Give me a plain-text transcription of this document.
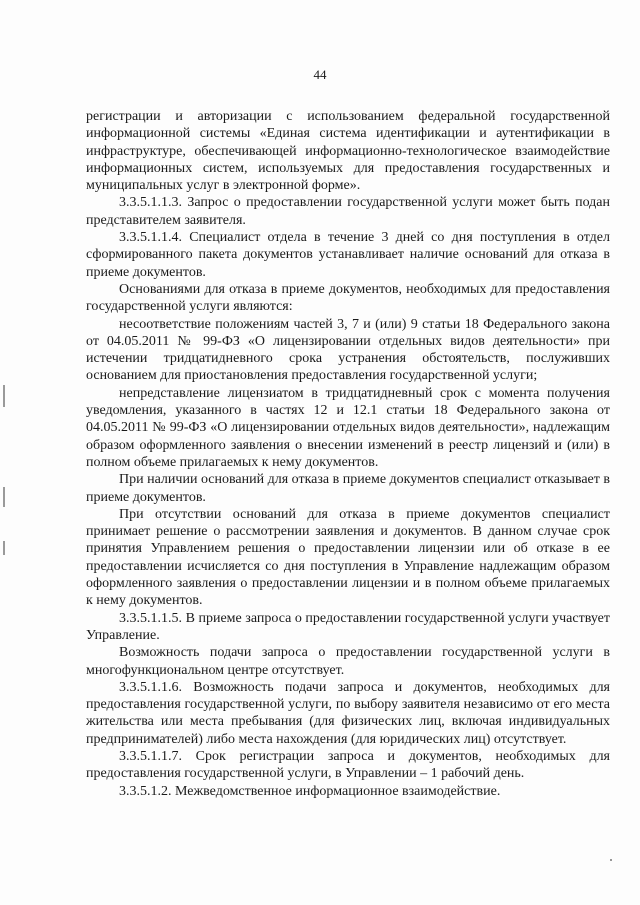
44

регистрации и авторизации с использованием федеральной государственной информационной системы «Единая система идентификации и аутентификации в инфраструктуре, обеспечивающей информационно-технологическое взаимодействие информационных систем, используемых для предоставления государственных и муниципальных услуг в электронной форме».

3.3.5.1.1.3. Запрос о предоставлении государственной услуги может быть подан представителем заявителя.

3.3.5.1.1.4. Специалист отдела в течение 3 дней со дня поступления в отдел сформированного пакета документов устанавливает наличие оснований для отказа в приеме документов.

Основаниями для отказа в приеме документов, необходимых для предоставления государственной услуги являются:

несоответствие положениям частей 3, 7 и (или) 9 статьи 18 Федерального закона от 04.05.2011 № 99-ФЗ «О лицензировании отдельных видов деятельности» при истечении тридцатидневного срока устранения обстоятельств, послуживших основанием для приостановления предоставления государственной услуги;

непредставление лицензиатом в тридцатидневный срок с момента получения уведомления, указанного в частях 12 и 12.1 статьи 18 Федерального закона от 04.05.2011 № 99-ФЗ «О лицензировании отдельных видов деятельности», надлежащим образом оформленного заявления о внесении изменений в реестр лицензий и (или) в полном объеме прилагаемых к нему документов.

При наличии оснований для отказа в приеме документов специалист отказывает в приеме документов.

При отсутствии оснований для отказа в приеме документов специалист принимает решение о рассмотрении заявления и документов. В данном случае срок принятия Управлением решения о предоставлении лицензии или об отказе в ее предоставлении исчисляется со дня поступления в Управление надлежащим образом оформленного заявления о предоставлении лицензии и в полном объеме прилагаемых к нему документов.

3.3.5.1.1.5. В приеме запроса о предоставлении государственной услуги участвует Управление.

Возможность подачи запроса о предоставлении государственной услуги в многофункциональном центре отсутствует.

3.3.5.1.1.6. Возможность подачи запроса и документов, необходимых для предоставления государственной услуги, по выбору заявителя независимо от его места жительства или места пребывания (для физических лиц, включая индивидуальных предпринимателей) либо места нахождения (для юридических лиц) отсутствует.

3.3.5.1.1.7. Срок регистрации запроса и документов, необходимых для предоставления государственной услуги, в Управлении – 1 рабочий день.

3.3.5.1.2. Межведомственное информационное взаимодействие.
